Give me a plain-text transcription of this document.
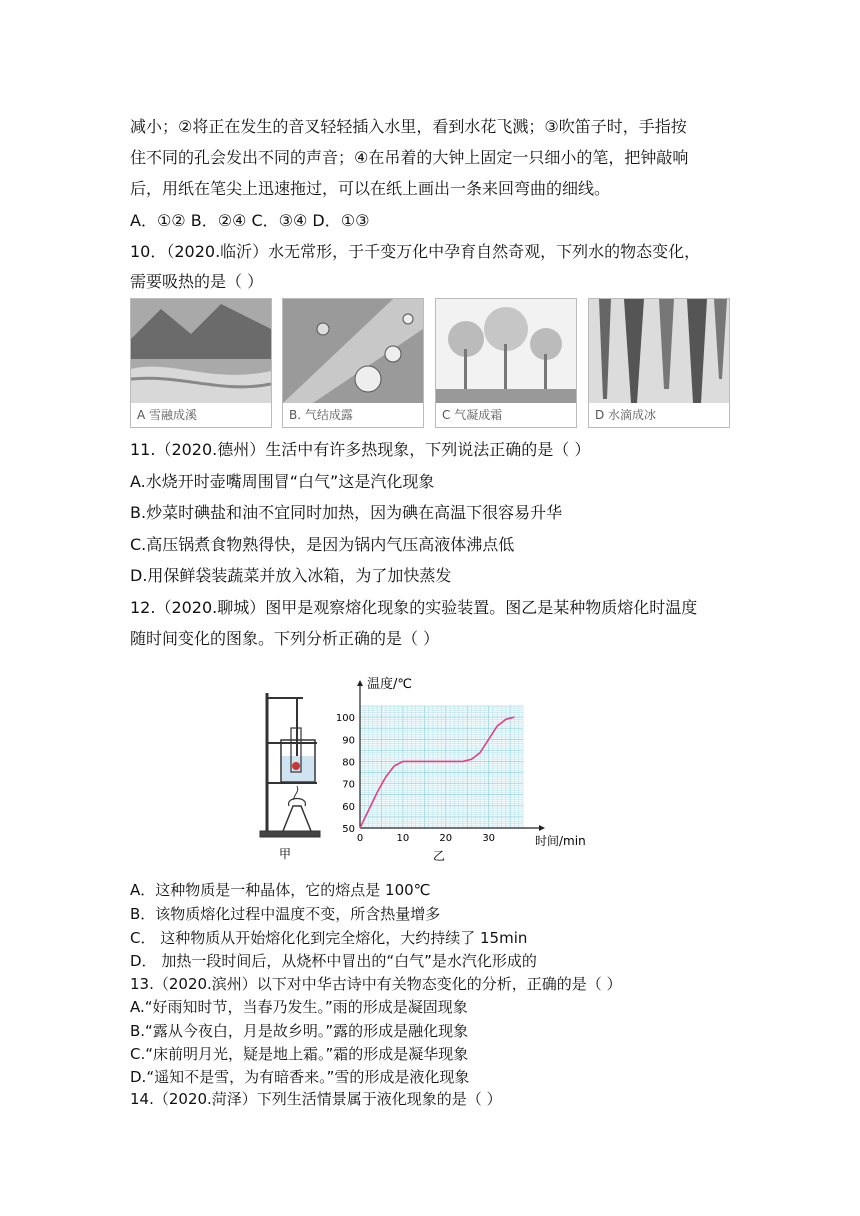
减小；②将正在发生的音叉轻轻插入水里，看到水花飞溅；③吹笛子时，手指按
住不同的孔会发出不同的声音；④在吊着的大钟上固定一只细小的笔，把钟敲响
后，用纸在笔尖上迅速拖过，可以在纸上画出一条来回弯曲的细线。
A．①② B．②④ C．③④ D．①③
10．（2020.临沂）水无常形，于千变万化中孕育自然奇观，下列水的物态变化，
需要吸热的是（ ）
A 雪融成溪	B. 气结成露	C 气凝成霜	D 水滴成冰
11.（2020.德州）生活中有许多热现象，下列说法正确的是（ ）
A.水烧开时壶嘴周围冒“白气”这是汽化现象
B.炒菜时碘盐和油不宜同时加热，因为碘在高温下很容易升华
C.高压锅煮食物熟得快，是因为锅内气压高液体沸点低
D.用保鲜袋装蔬菜并放入冰箱，为了加快蒸发
12.（2020.聊城）图甲是观察熔化现象的实验装置。图乙是某种物质熔化时温度
随时间变化的图象。下列分析正确的是（ ）
甲	乙
温度/℃
时间/min
0	10	20	30
50
60
70
80
90
100
A．这种物质是一种晶体，它的熔点是 100℃
B．该物质熔化过程中温度不变，所含热量增多
C． 这种物质从开始熔化化到完全熔化，大约持续了 15min
D． 加热一段时间后，从烧杯中冒出的“白气”是水汽化形成的
13.（2020.滨州）以下对中华古诗中有关物态变化的分析，正确的是（ ）
A.“好雨知时节，当春乃发生。”雨的形成是凝固现象
B.“露从今夜白，月是故乡明。”露的形成是融化现象
C.“床前明月光，疑是地上霜。”霜的形成是凝华现象
D.“遥知不是雪，为有暗香来。”雪的形成是液化现象
14.（2020.菏泽）下列生活情景属于液化现象的是（ ）
